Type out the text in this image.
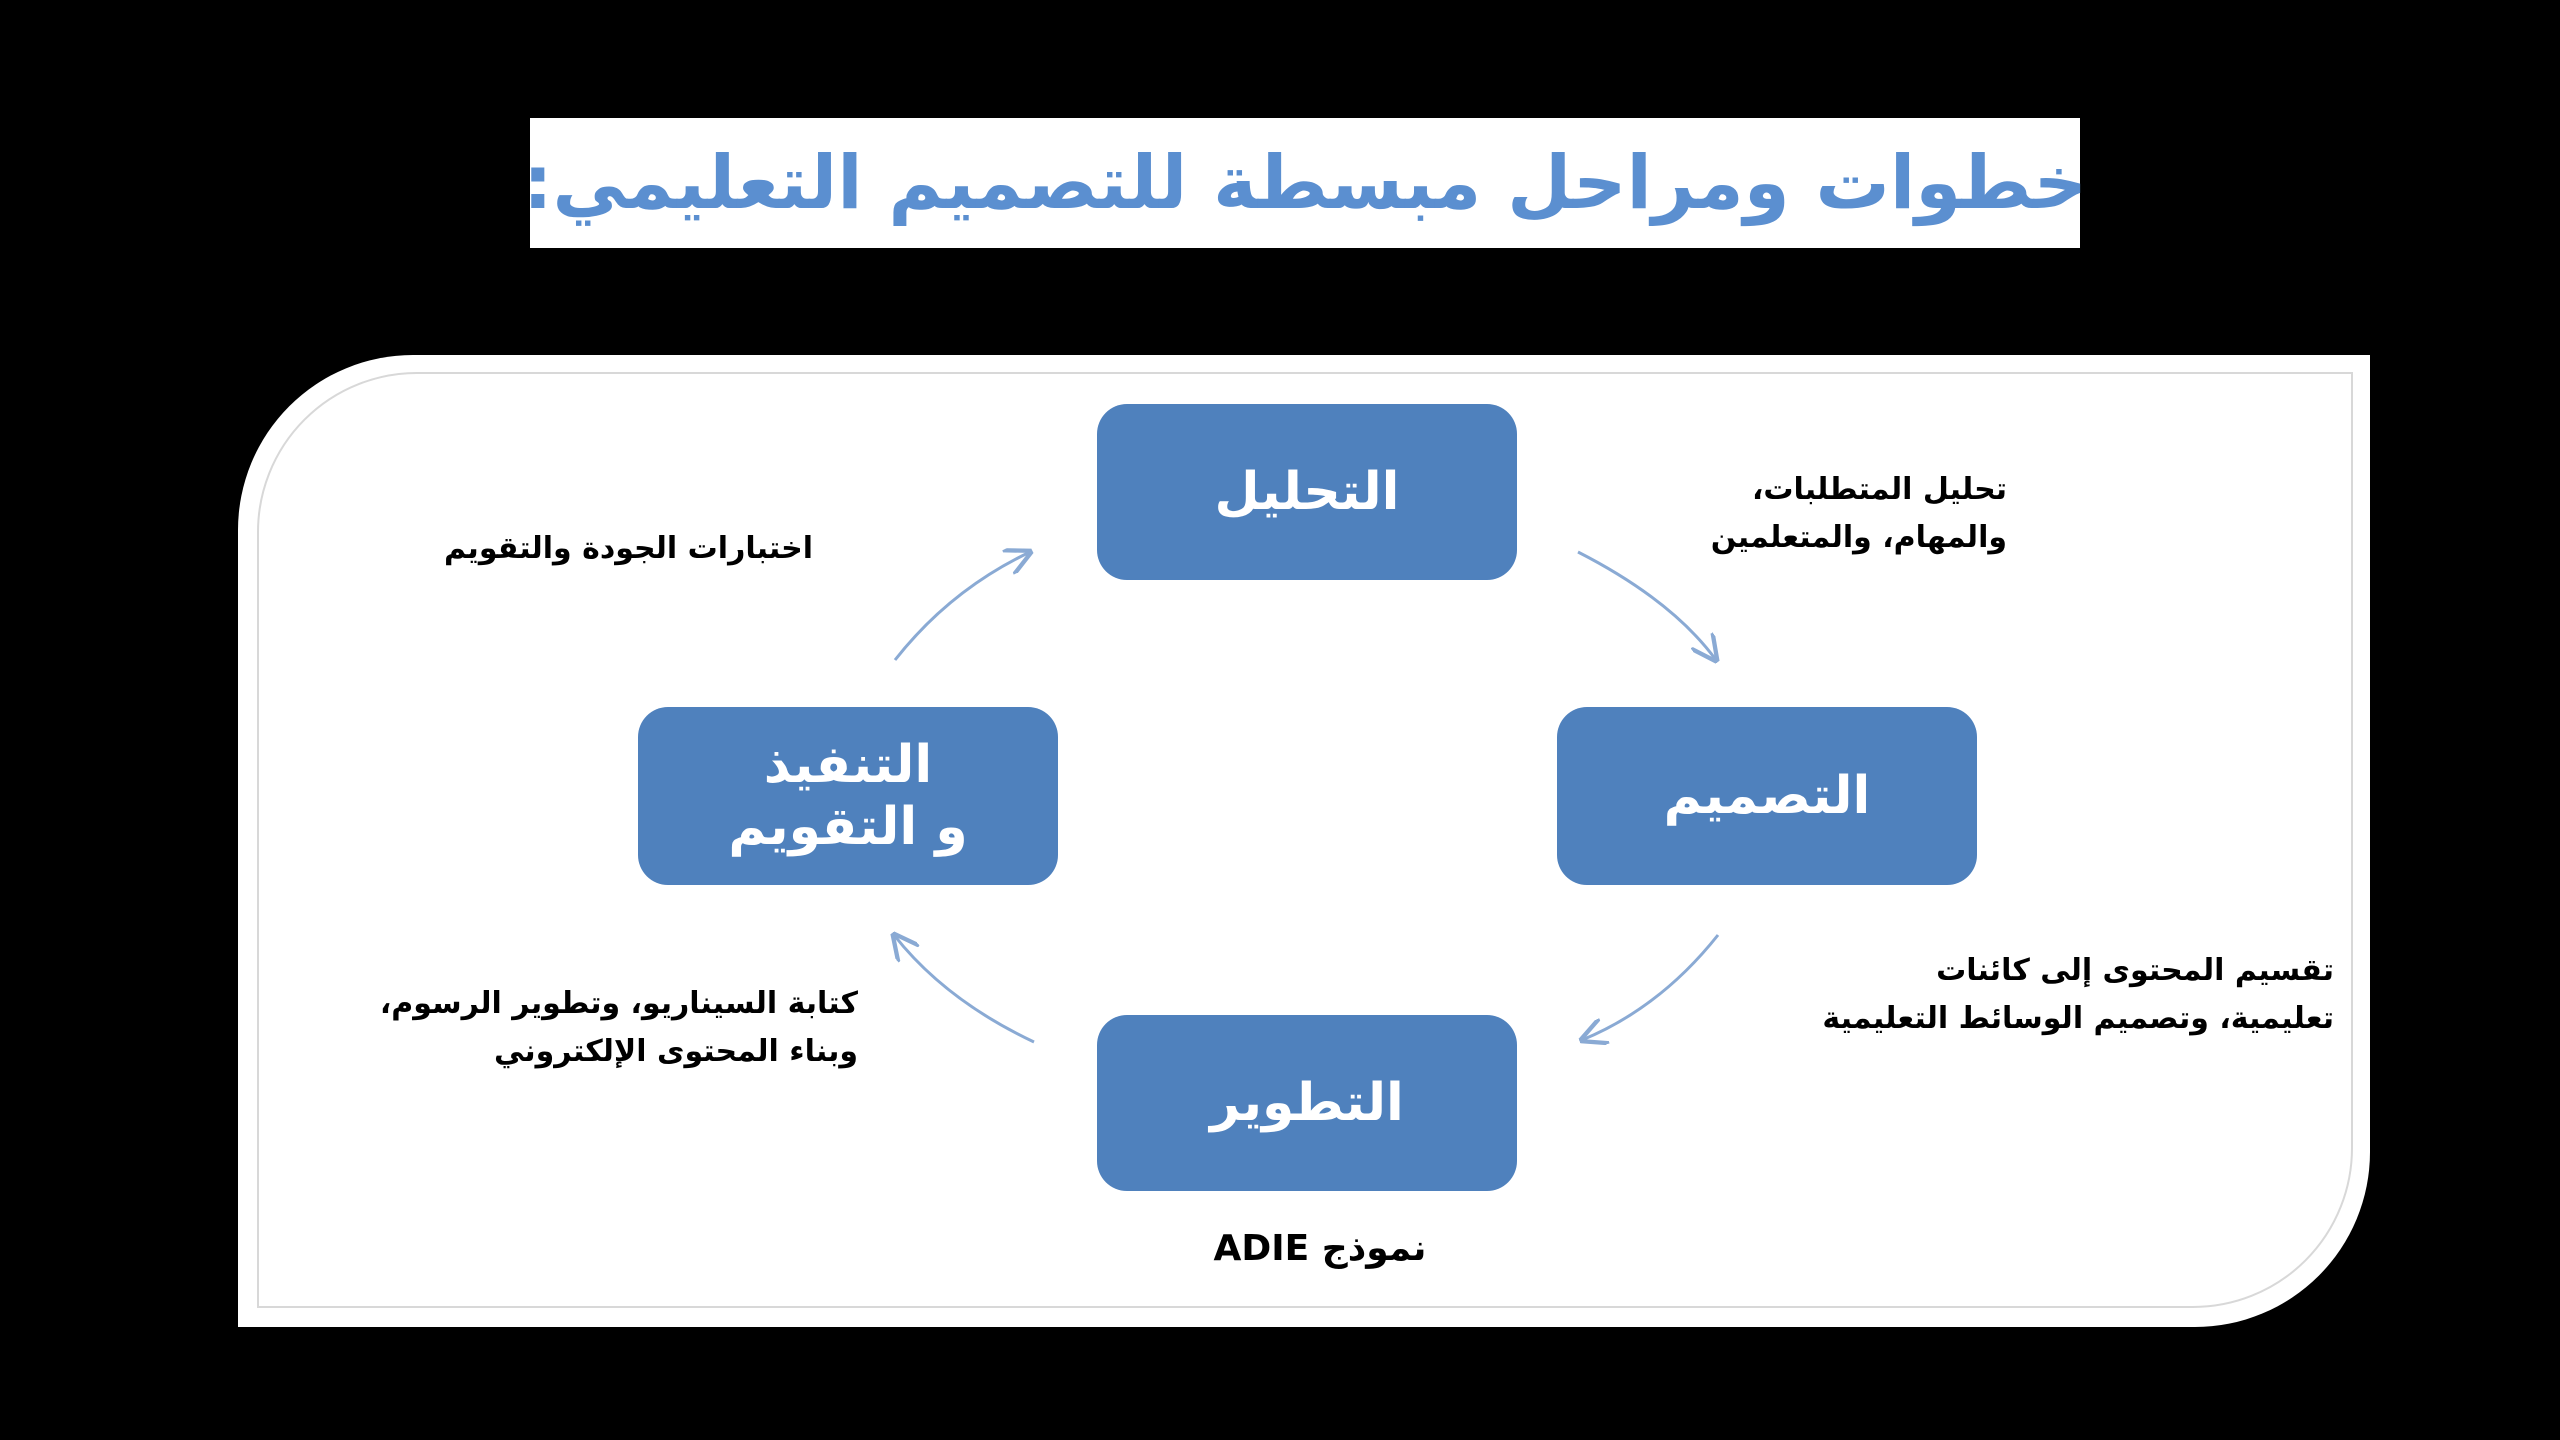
خطوات ومراحل مبسطة للتصميم التعليمي:
التحليل
التصميم
التطوير
التنفيذ
و التقويم
تحليل المتطلبات،
والمهام، والمتعلمين
اختبارات الجودة والتقويم
تقسيم المحتوى إلى كائنات
تعليمية، وتصميم الوسائط التعليمية
كتابة السيناريو، وتطوير الرسوم،
وبناء المحتوى الإلكتروني
نموذج ADIE
